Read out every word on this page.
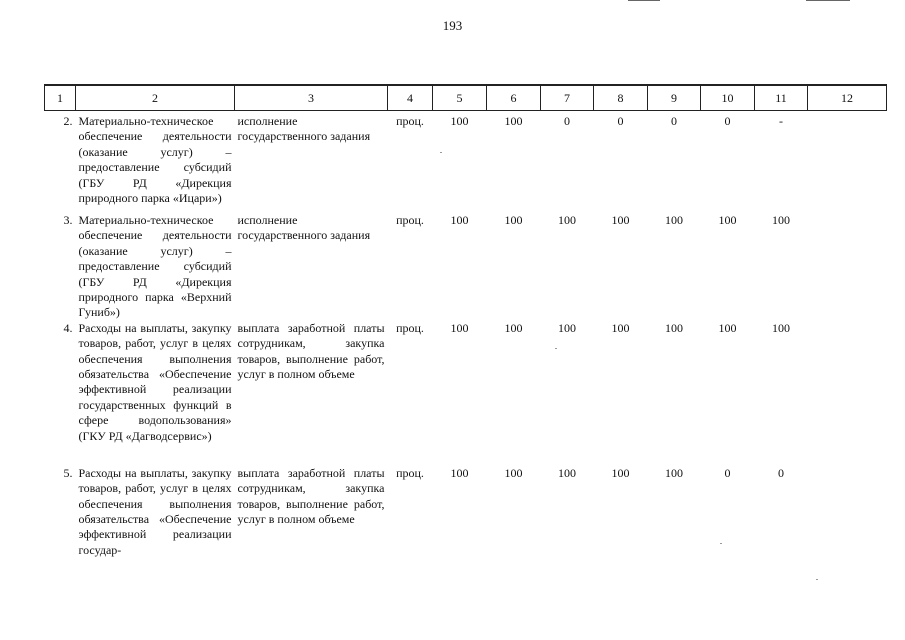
193
1	2	3	4	5	6	7	8	9	10	11	12
2.	Материально-техническое обеспечение деятельности (оказание услуг) – предоставление субсидий (ГБУ РД «Дирекция природного парка «Ицари»)	исполнение государственного задания	проц.	100	100	0	0	0	0	-	
3.	Материально-техническое обеспечение деятельности (оказание услуг) – предоставление субсидий (ГБУ РД «Дирекция природного парка «Верхний Гуниб»)	исполнение государственного задания	проц.	100	100	100	100	100	100	100	
4.	Расходы на выплаты, закупку товаров, работ, услуг в целях обеспечения выполнения обязательства «Обеспечение эффективной реализации государственных функций в сфере водопользования» (ГКУ РД «Дагводсервис»)	выплата заработной платы сотрудникам, закупка товаров, выполнение работ, услуг в полном объеме	проц.	100	100	100	100	100	100	100	
5.	Расходы на выплаты, закупку товаров, работ, услуг в целях обеспечения выполнения обязательства «Обеспечение эффективной реализации государ-	выплата заработной платы сотрудникам, закупка товаров, выполнение работ, услуг в полном объеме	проц.	100	100	100	100	100	0	0	
